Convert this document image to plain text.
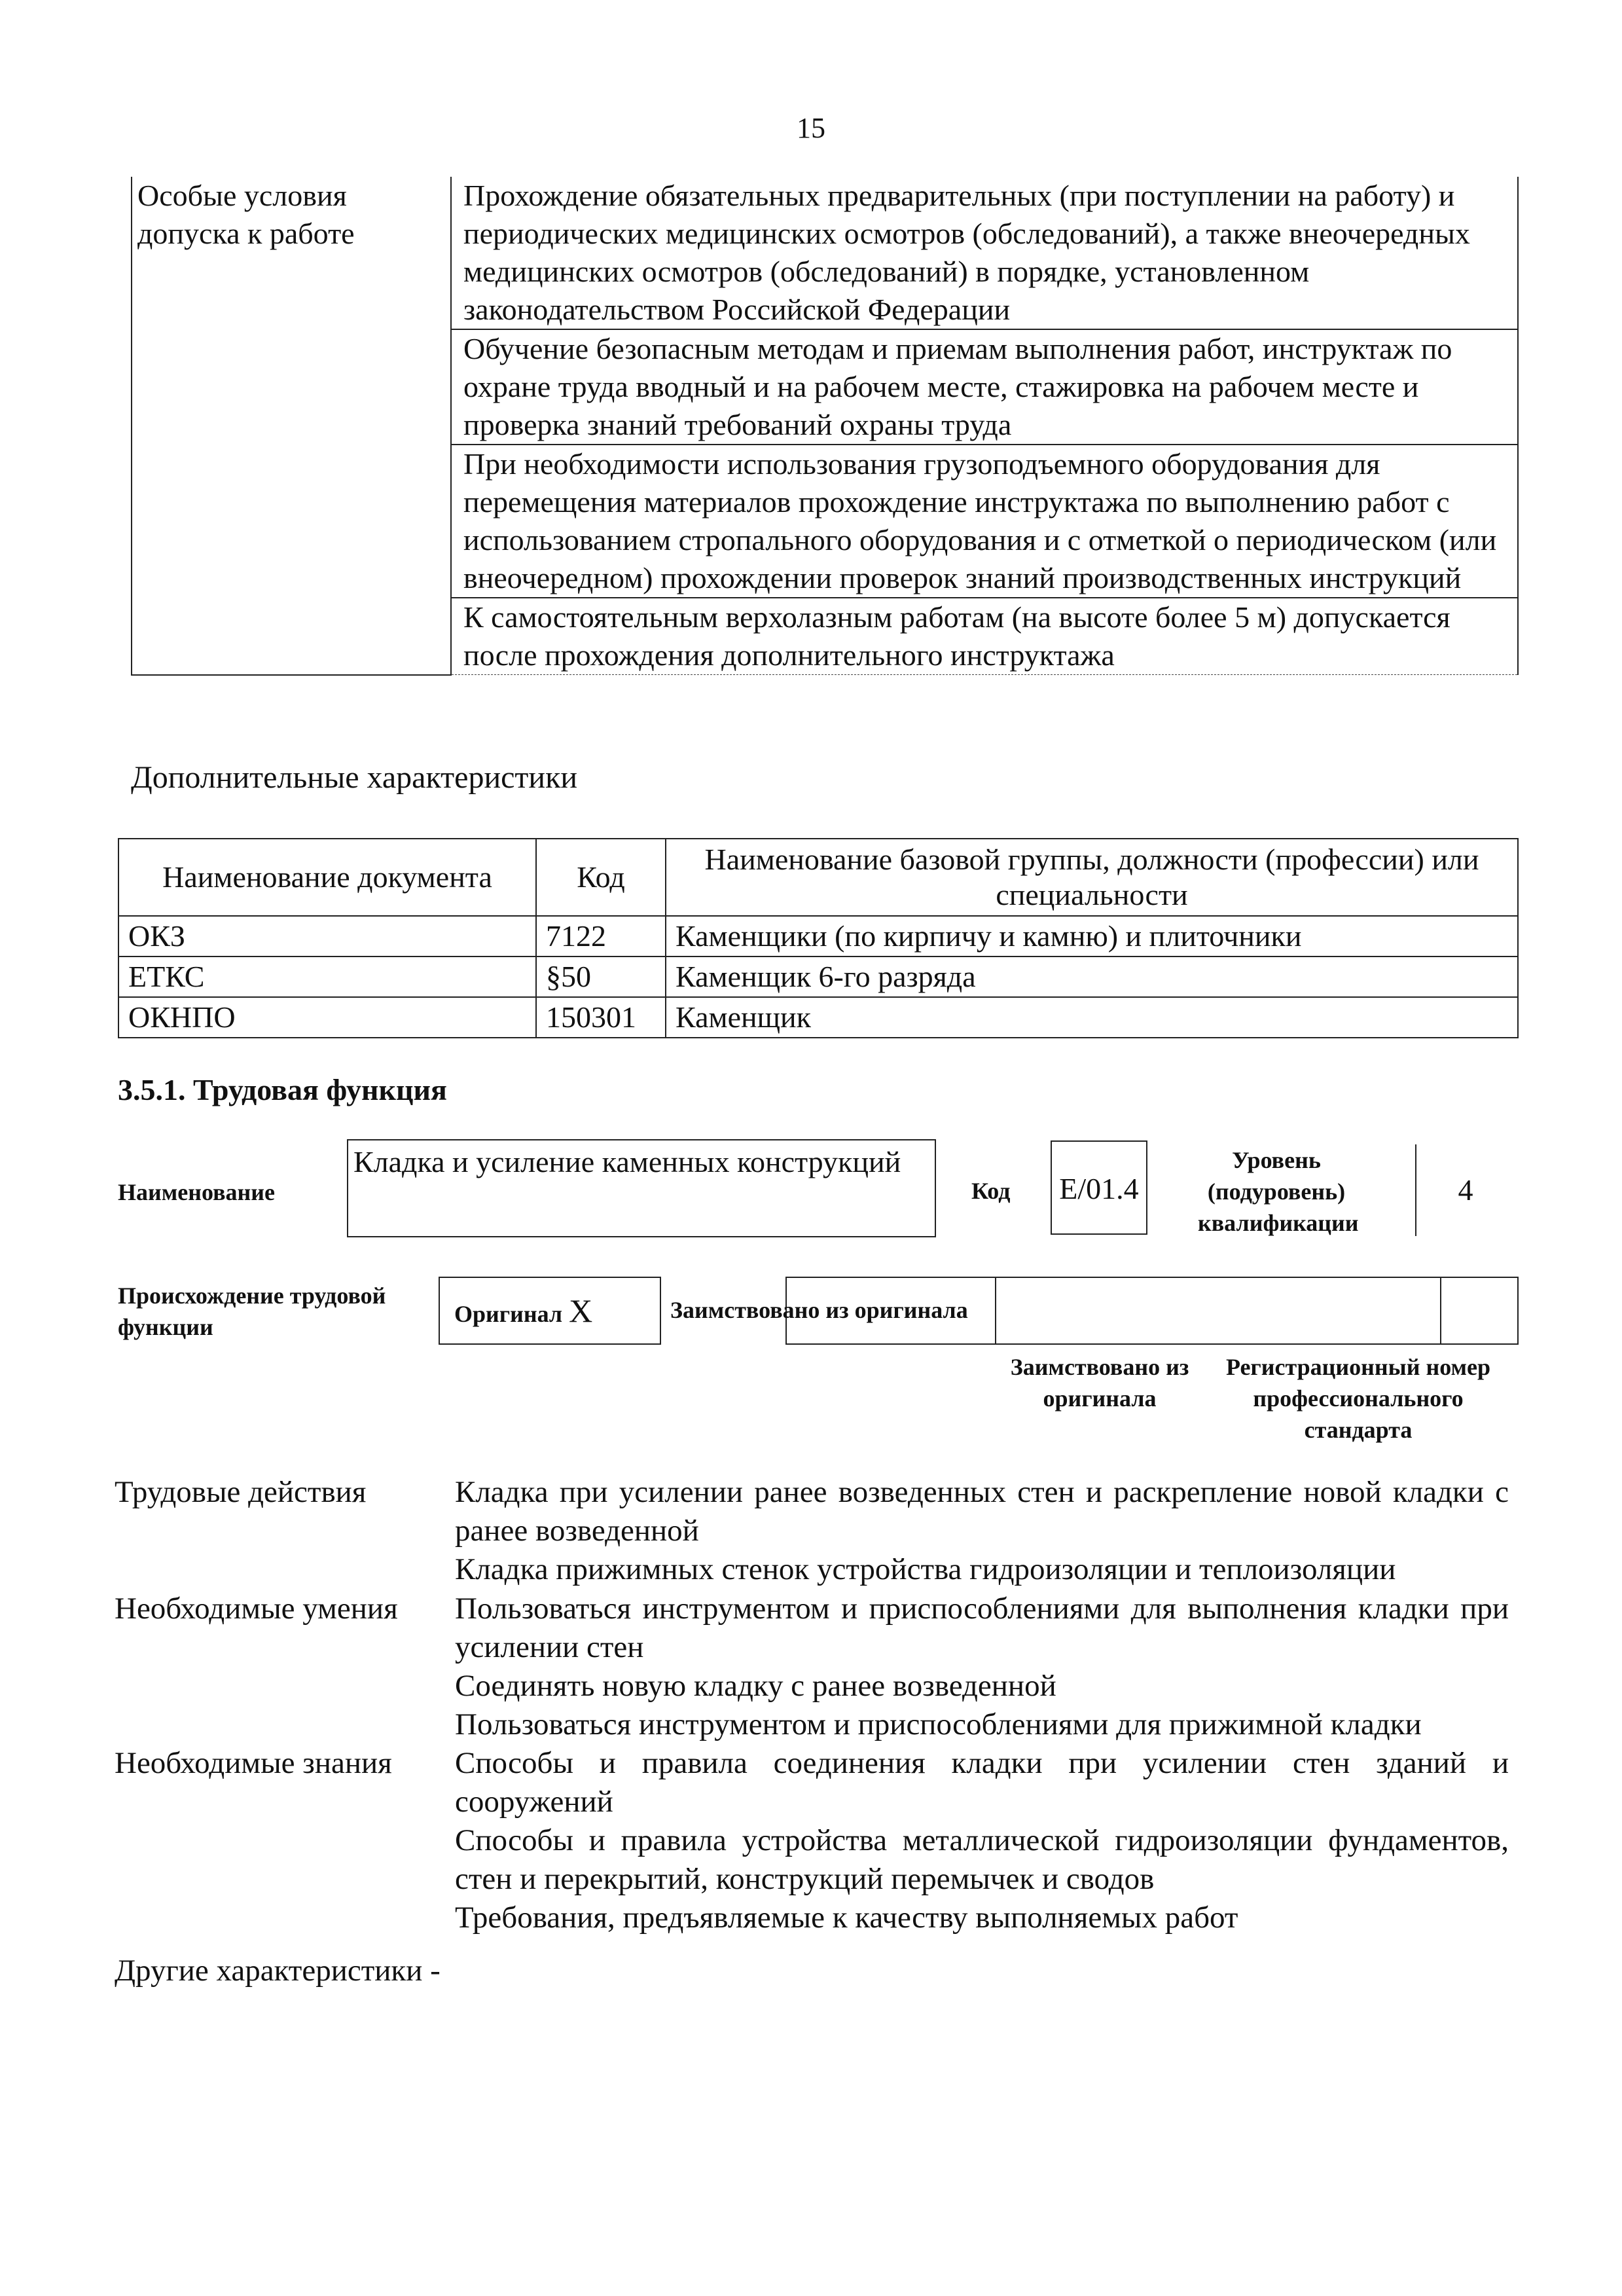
15
Особые условия допуска к работе	Прохождение обязательных предварительных (при поступлении на работу) и периодических медицинских осмотров (обследований), а также внеочередных медицинских осмотров (обследований) в порядке, установленном законодательством Российской Федерации
Обучение безопасным методам и приемам выполнения работ, инструктаж по охране труда вводный и на рабочем месте, стажировка на рабочем месте и проверка знаний требований охраны труда
При необходимости использования грузоподъемного оборудования для перемещения материалов прохождение инструктажа по выполнению работ с использованием стропального оборудования и с отметкой о периодическом (или внеочередном) прохождении проверок знаний производственных инструкций
К самостоятельным верхолазным работам (на высоте более 5 м) допускается после прохождения дополнительного инструктажа
Дополнительные характеристики
Наименование документа	Код	Наименование базовой группы, должности (профессии) или специальности
ОКЗ	7122	Каменщики (по кирпичу и камню) и плиточники
ЕТКС	§50	Каменщик 6-го разряда
ОКНПО	150301	Каменщик
3.5.1. Трудовая функция
Наименование
Кладка и усиление каменных конструкций
Код E/01.4
Уровень (подуровень) квалификации
4
Происхождение трудовой функции	Оригинал X	Заимствовано из оригинала
Заимствовано из оригинала
Регистрационный номер профессионального стандарта
Трудовые действия	Кладка при усилении ранее возведенных стен и раскрепление новой кладки с ранее возведенной
Кладка прижимных стенок устройства гидроизоляции и теплоизоляции
Необходимые умения	Пользоваться инструментом и приспособлениями для выполнения кладки при усилении стен
Соединять новую кладку с ранее возведенной
Пользоваться инструментом и приспособлениями для прижимной кладки
Необходимые знания	Способы и правила соединения кладки при усилении стен зданий и сооружений
Способы и правила устройства металлической гидроизоляции фундаментов, стен и перекрытий, конструкций перемычек и сводов
Требования, предъявляемые к качеству выполняемых работ
Другие характеристики -
